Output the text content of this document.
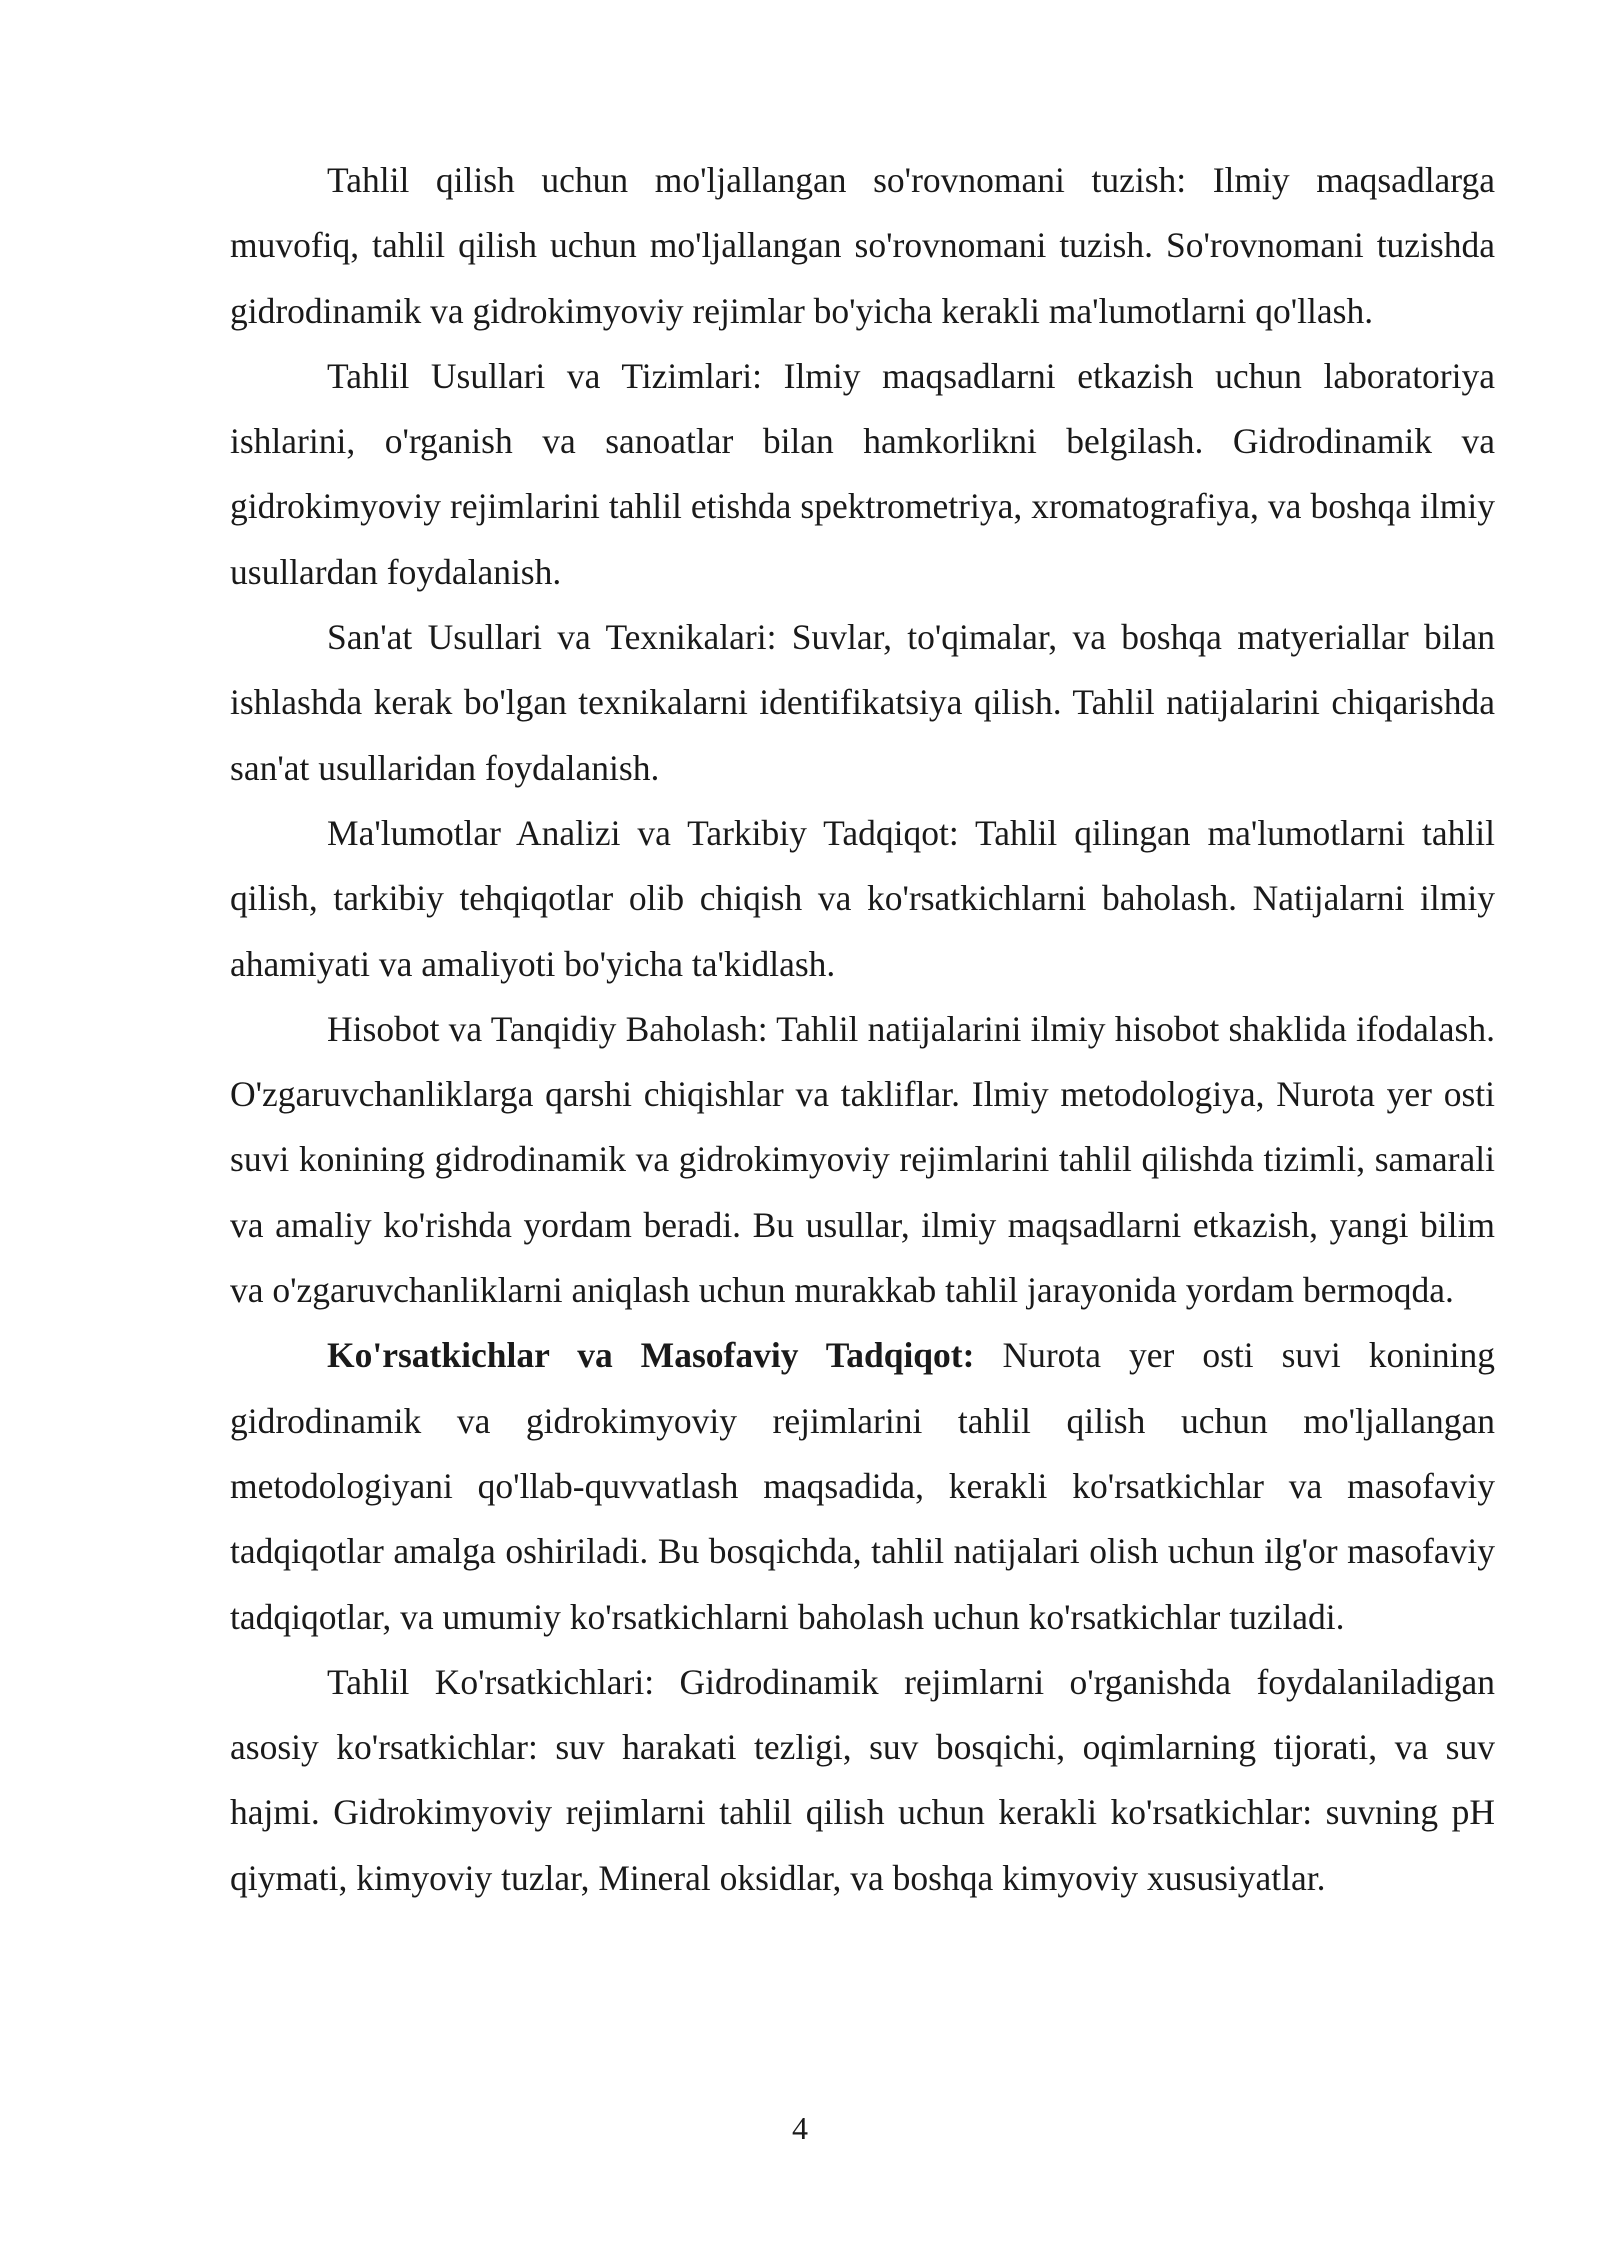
Tahlil qilish uchun mo'ljallangan so'rovnomani tuzish: Ilmiy maqsadlarga muvofiq, tahlil qilish uchun mo'ljallangan so'rovnomani tuzish. So'rovnomani tuzishda gidrodinamik va gidrokimyoviy rejimlar bo'yicha kerakli ma'lumotlarni qo'llash.

Tahlil Usullari va Tizimlari: Ilmiy maqsadlarni etkazish uchun laboratoriya ishlarini, o'rganish va sanoatlar bilan hamkorlikni belgilash. Gidrodinamik va gidrokimyoviy rejimlarini tahlil etishda spektrometriya, xromatografiya, va boshqa ilmiy usullardan foydalanish.

San'at Usullari va Texnikalari: Suvlar, to'qimalar, va boshqa matyeriallar bilan ishlashda kerak bo'lgan texnikalarni identifikatsiya qilish. Tahlil natijalarini chiqarishda san'at usullaridan foydalanish.

Ma'lumotlar Analizi va Tarkibiy Tadqiqot: Tahlil qilingan ma'lumotlarni tahlil qilish, tarkibiy tehqiqotlar olib chiqish va ko'rsatkichlarni baholash. Natijalarni ilmiy ahamiyati va amaliyoti bo'yicha ta'kidlash.

Hisobot va Tanqidiy Baholash: Tahlil natijalarini ilmiy hisobot shaklida ifodalash. O'zgaruvchanliklarga qarshi chiqishlar va takliflar. Ilmiy metodologiya, Nurota yer osti suvi konining gidrodinamik va gidrokimyoviy rejimlarini tahlil qilishda tizimli, samarali va amaliy ko'rishda yordam beradi. Bu usullar, ilmiy maqsadlarni etkazish, yangi bilim va o'zgaruvchanliklarni aniqlash uchun murakkab tahlil jarayonida yordam bermoqda.

Ko'rsatkichlar va Masofaviy Tadqiqot: Nurota yer osti suvi konining gidrodinamik va gidrokimyoviy rejimlarini tahlil qilish uchun mo'ljallangan metodologiyani qo'llab-quvvatlash maqsadida, kerakli ko'rsatkichlar va masofaviy tadqiqotlar amalga oshiriladi. Bu bosqichda, tahlil natijalari olish uchun ilg'or masofaviy tadqiqotlar, va umumiy ko'rsatkichlarni baholash uchun ko'rsatkichlar tuziladi.

Tahlil Ko'rsatkichlari: Gidrodinamik rejimlarni o'rganishda foydalaniladigan asosiy ko'rsatkichlar: suv harakati tezligi, suv bosqichi, oqimlarning tijorati, va suv hajmi. Gidrokimyoviy rejimlarni tahlil qilish uchun kerakli ko'rsatkichlar: suvning pH qiymati, kimyoviy tuzlar, Mineral oksidlar, va boshqa kimyoviy xususiyatlar.

4
